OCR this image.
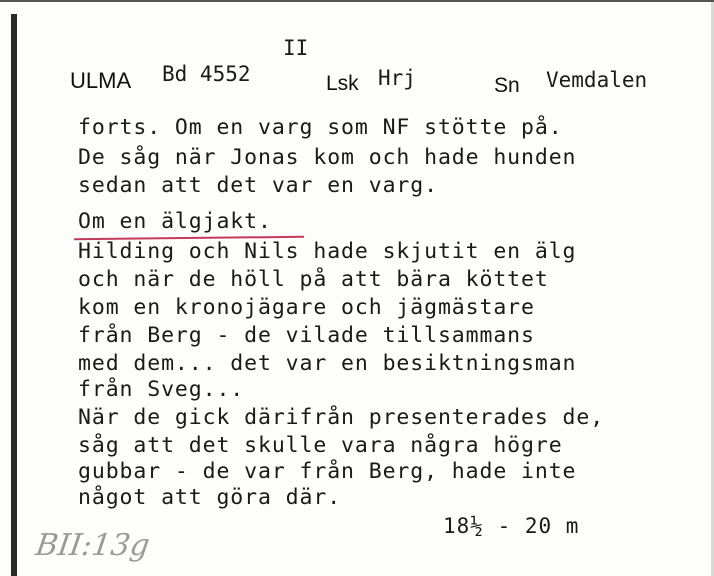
II
ULMA Bd 4552	Lsk Hrj	Sn Vemdalen
forts. Om en varg som NF stötte på.
De såg när Jonas kom och hade hunden
sedan att det var en varg.
Om en älgjakt.
Hilding och Nils hade skjutit en älg
och när de höll på att bära köttet
kom en kronojägare och jägmästare
från Berg - de vilade tillsammans
med dem... det var en besiktningsman
från Sveg...
När de gick därifrån presenterades de,
såg att det skulle vara några högre
gubbar - de var från Berg, hade inte
något att göra där.
18½ - 20 m
BII:13g
